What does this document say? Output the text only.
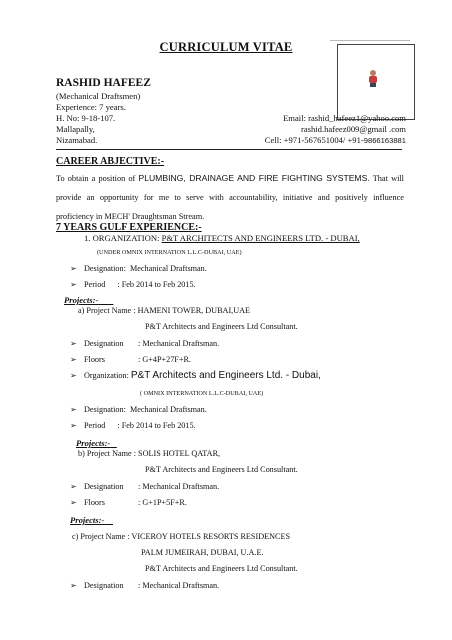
CURRICULUM VITAE
RASHID HAFEEZ
(Mechanical Draftsmen)
Experience: 7 years.
H. No: 9-18-107.
Mallapally,
Nizamabad.
Email: rashid_hafeez1@yahoo.com
rashid.hafeez009@gmail .com
Cell: +971-567651004/ +91-9866163881
CAREER ABJECTIVE:-
To obtain a position of PLUMBING, DRAINAGE AND FIRE FIGHTING SYSTEMS. That will provide an opportunity for me to serve with accountability, initiative and positively influence proficiency in MECH' Draughtsman Stream.
7 YEARS GULF EXPERIENCE:-
1. ORGANIZATION: P&T ARCHITECTS AND ENGINEERS LTD. - DUBAI,
(UNDER OMNIX INTERNATION L.L.C-DUBAI, UAE)
➢ Designation: Mechanical Draftsman.
➢ Period : Feb 2014 to Feb 2015.
Projects:-
a) Project Name : HAMENI TOWER, DUBAI,UAE
P&T Architects and Engineers Ltd Consultant.
➢ Designation : Mechanical Draftsman.
➢ Floors	: G+4P+27F+R.
➢ Organization: P&T Architects and Engineers Ltd. - Dubai,
( OMNIX INTERNATION L.L.C-DUBAI, UAE)
➢ Designation: Mechanical Draftsman.
➢ Period : Feb 2014 to Feb 2015.
Projects:-
b) Project Name : SOLIS HOTEL QATAR,
P&T Architects and Engineers Ltd Consultant.
➢ Designation : Mechanical Draftsman.
➢ Floors	: G+1P+5F+R.
Projects:-
c) Project Name : VICEROY HOTELS RESORTS RESIDENCES
PALM JUMEIRAH, DUBAI, U.A.E.
P&T Architects and Engineers Ltd Consultant.
➢ Designation : Mechanical Draftsman.
